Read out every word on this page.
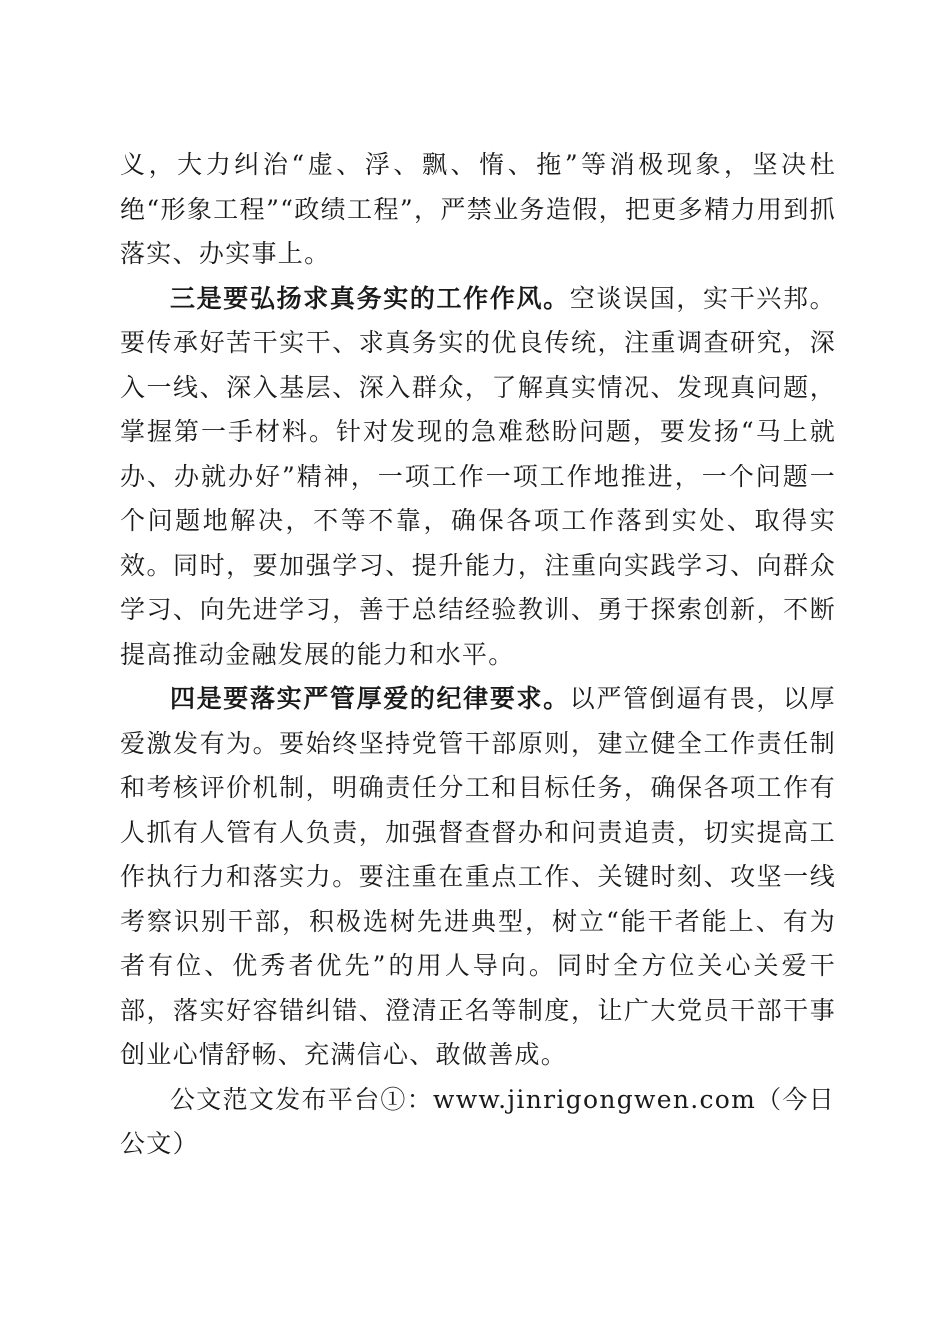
义，大力纠治“虚、浮、飘、惰、拖”等消极现象，坚决杜绝“形象工程”“政绩工程”，严禁业务造假，把更多精力用到抓落实、办实事上。

三是要弘扬求真务实的工作作风。空谈误国，实干兴邦。要传承好苦干实干、求真务实的优良传统，注重调查研究，深入一线、深入基层、深入群众，了解真实情况、发现真问题，掌握第一手材料。针对发现的急难愁盼问题，要发扬“马上就办、办就办好”精神，一项工作一项工作地推进，一个问题一个问题地解决，不等不靠，确保各项工作落到实处、取得实效。同时，要加强学习、提升能力，注重向实践学习、向群众学习、向先进学习，善于总结经验教训、勇于探索创新，不断提高推动金融发展的能力和水平。

四是要落实严管厚爱的纪律要求。以严管倒逼有畏，以厚爱激发有为。要始终坚持党管干部原则，建立健全工作责任制和考核评价机制，明确责任分工和目标任务，确保各项工作有人抓有人管有人负责，加强督查督办和问责追责，切实提高工作执行力和落实力。要注重在重点工作、关键时刻、攻坚一线考察识别干部，积极选树先进典型，树立“能干者能上、有为者有位、优秀者优先”的用人导向。同时全方位关心关爱干部，落实好容错纠错、澄清正名等制度，让广大党员干部干事创业心情舒畅、充满信心、敢做善成。

公文范文发布平台①：www.jinrigongwen.com（今日公文）
